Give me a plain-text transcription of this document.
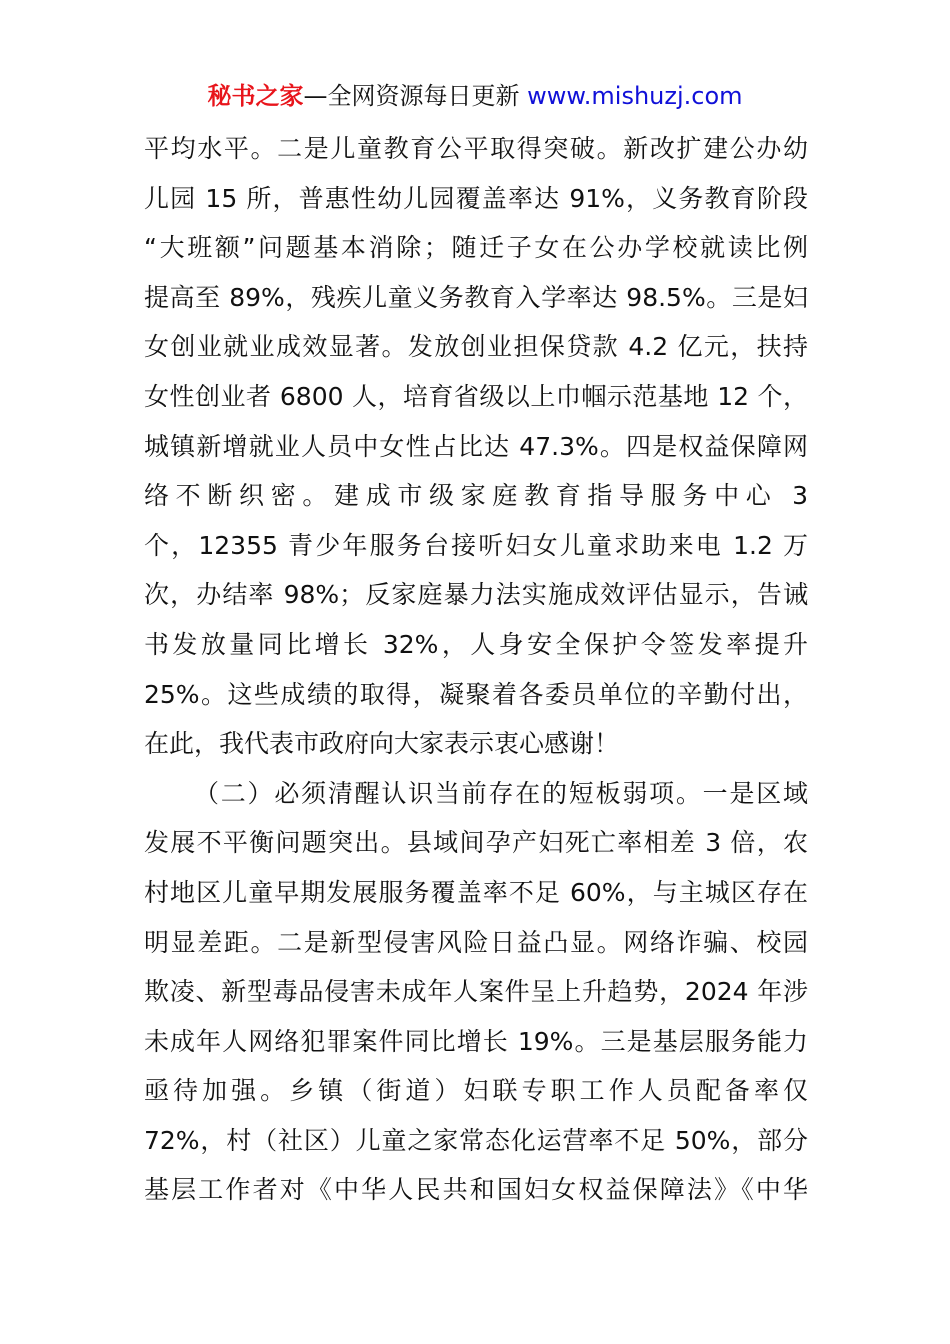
秘书之家—全网资源每日更新 www.mishuzj.com
平均水平。二是儿童教育公平取得突破。新改扩建公办幼
儿园 15 所，普惠性幼儿园覆盖率达 91%，义务教育阶段
“大班额”问题基本消除；随迁子女在公办学校就读比例
提高至 89%，残疾儿童义务教育入学率达 98.5%。三是妇
女创业就业成效显著。发放创业担保贷款 4.2 亿元，扶持
女性创业者 6800 人，培育省级以上巾帼示范基地 12 个，
城镇新增就业人员中女性占比达 47.3%。四是权益保障网
络不断织密。建成市级家庭教育指导服务中心 3
个，12355 青少年服务台接听妇女儿童求助来电 1.2 万
次，办结率 98%；反家庭暴力法实施成效评估显示，告诫
书发放量同比增长 32%，人身安全保护令签发率提升
25%。这些成绩的取得，凝聚着各委员单位的辛勤付出，
在此，我代表市政府向大家表示衷心感谢！
（二）必须清醒认识当前存在的短板弱项。一是区域
发展不平衡问题突出。县域间孕产妇死亡率相差 3 倍，农
村地区儿童早期发展服务覆盖率不足 60%，与主城区存在
明显差距。二是新型侵害风险日益凸显。网络诈骗、校园
欺凌、新型毒品侵害未成年人案件呈上升趋势，2024 年涉
未成年人网络犯罪案件同比增长 19%。三是基层服务能力
亟待加强。乡镇（街道）妇联专职工作人员配备率仅
72%，村（社区）儿童之家常态化运营率不足 50%，部分
基层工作者对《中华人民共和国妇女权益保障法》《中华
